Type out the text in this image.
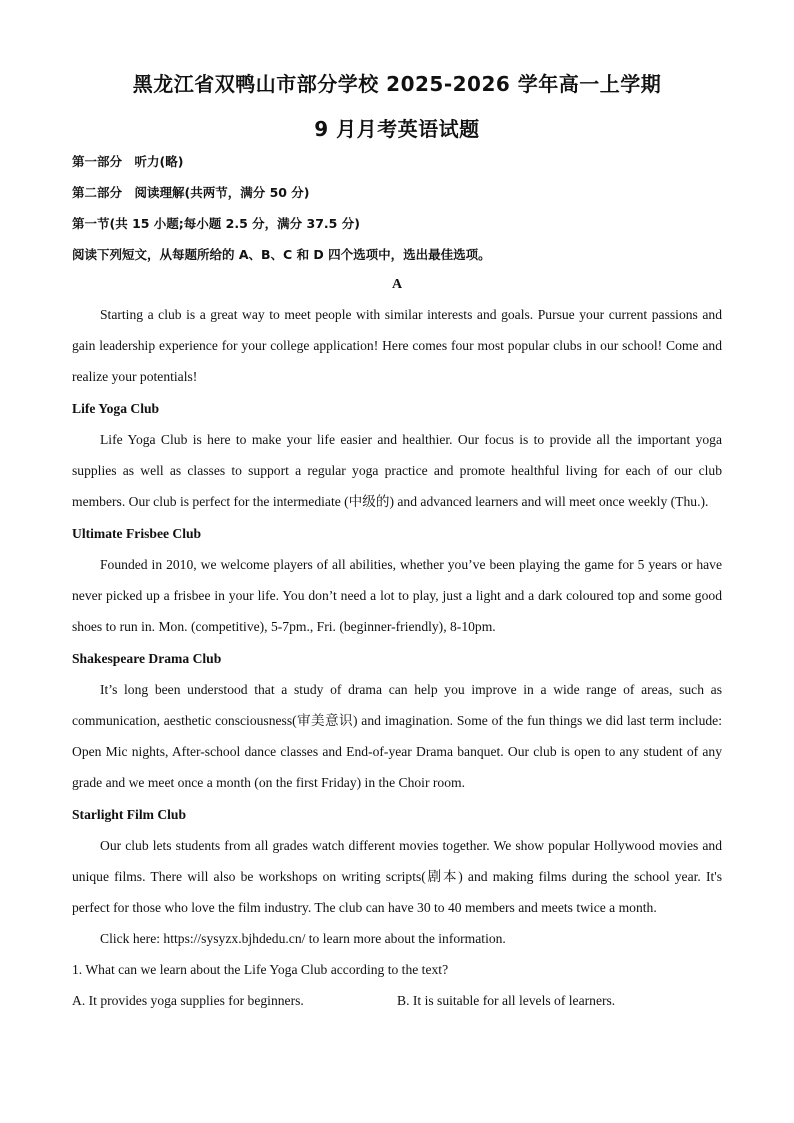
黑龙江省双鸭山市部分学校 2025-2026 学年高一上学期
9 月月考英语试题
第一部分　听力(略)
第二部分　阅读理解(共两节，满分 50 分)
第一节(共 15 小题;每小题 2.5 分，满分 37.5 分)
阅读下列短文，从每题所给的 A、B、C 和 D 四个选项中，选出最佳选项。
A

Starting a club is a great way to meet people with similar interests and goals. Pursue your current passions and gain leadership experience for your college application! Here comes four most popular clubs in our school! Come and realize your potentials!

Life Yoga Club

Life Yoga Club is here to make your life easier and healthier. Our focus is to provide all the important yoga supplies as well as classes to support a regular yoga practice and promote healthful living for each of our club members. Our club is perfect for the intermediate (中级的) and advanced learners and will meet once weekly (Thu.).

Ultimate Frisbee Club

Founded in 2010, we welcome players of all abilities, whether you’ve been playing the game for 5 years or have never picked up a frisbee in your life. You don’t need a lot to play, just a light and a dark coloured top and some good shoes to run in. Mon. (competitive), 5-7pm., Fri. (beginner-friendly), 8-10pm.

Shakespeare Drama Club

It’s long been understood that a study of drama can help you improve in a wide range of areas, such as communication, aesthetic consciousness(审美意识) and imagination. Some of the fun things we did last term include: Open Mic nights, After-school dance classes and End-of-year Drama banquet. Our club is open to any student of any grade and we meet once a month (on the first Friday) in the Choir room.

Starlight Film Club

Our club lets students from all grades watch different movies together. We show popular Hollywood movies and unique films. There will also be workshops on writing scripts(剧本) and making films during the school year. It's perfect for those who love the film industry. The club can have 30 to 40 members and meets twice a month.

Click here: https://sysyzx.bjhdedu.cn/ to learn more about the information.
1. What can we learn about the Life Yoga Club according to the text?
A. It provides yoga supplies for beginners.	B. It is suitable for all levels of learners.
